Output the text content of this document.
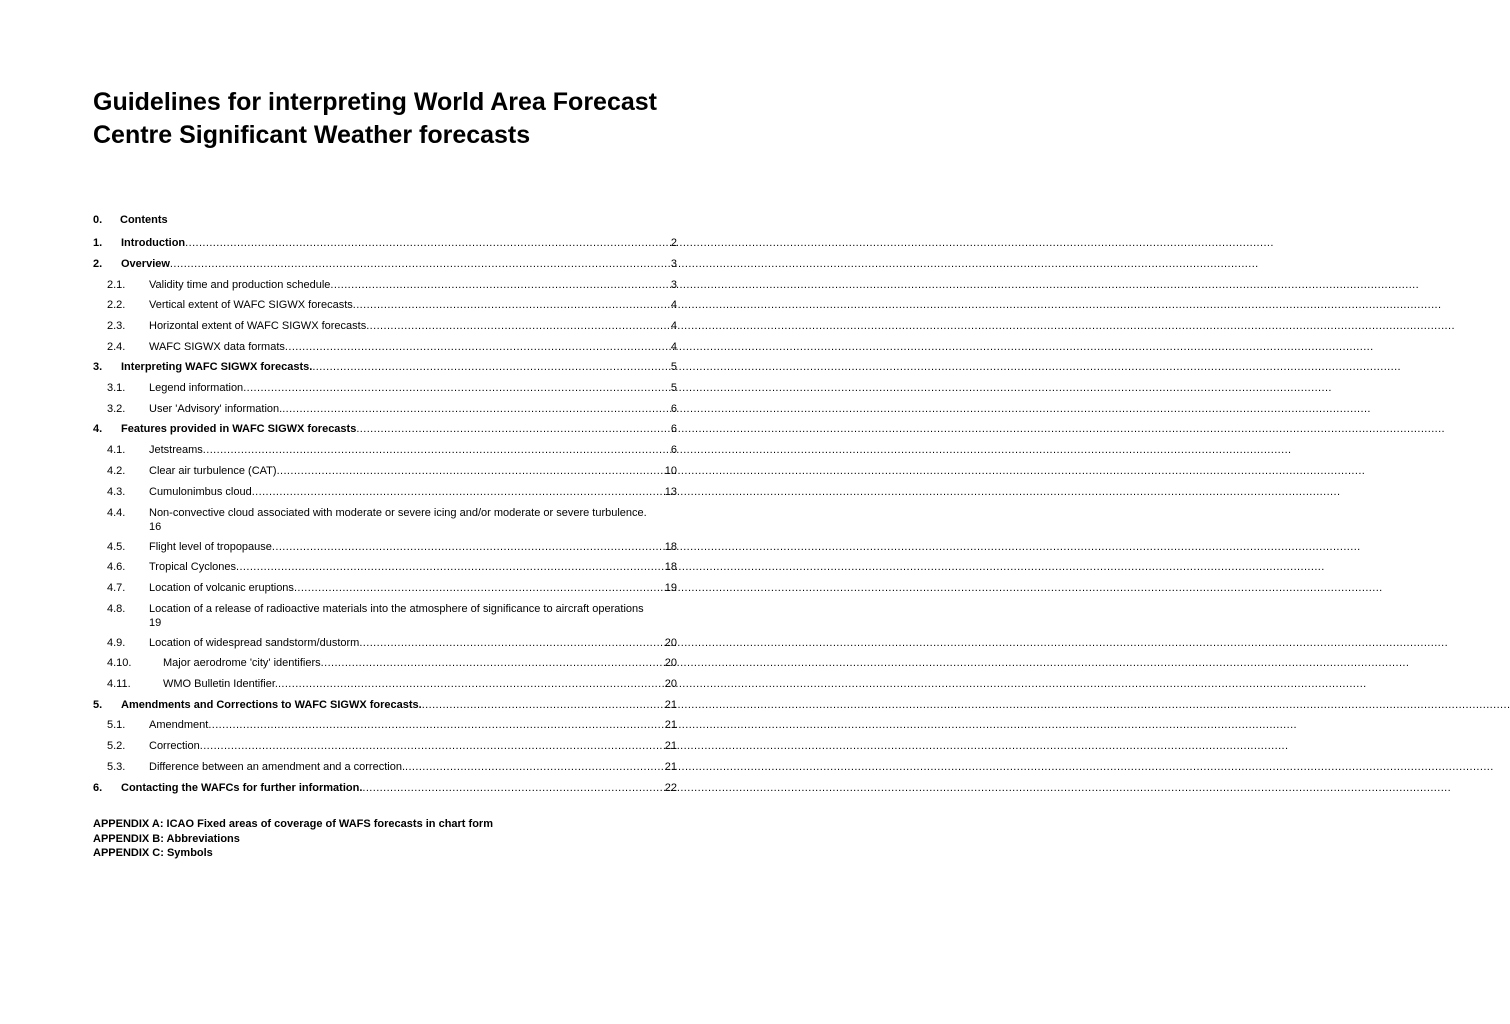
Guidelines for interpreting World Area Forecast Centre Significant Weather forecasts
0. Contents
1.	Introduction .....	2
2.	Overview .....	3
2.1.	Validity time and production schedule .....	3
2.2.	Vertical extent of WAFC SIGWX forecasts .....	4
2.3.	Horizontal extent of WAFC SIGWX forecasts .....	4
2.4.	WAFC SIGWX data formats .....	4
3.	Interpreting WAFC SIGWX forecasts. .....	5
3.1.	Legend information .....	5
3.2.	User 'Advisory' information. .....	6
4.	Features provided in WAFC SIGWX forecasts .....	6
4.1.	Jetstreams .....	6
4.2.	Clear air turbulence (CAT) .....	10
4.3.	Cumulonimbus cloud .....	13
4.4.	Non-convective cloud associated with moderate or severe icing and/or moderate or severe turbulence.
16
4.5.	Flight level of tropopause .....	18
4.6.	Tropical Cyclones .....	18
4.7.	Location of volcanic eruptions .....	19
4.8.	Location of a release of radioactive materials into the atmosphere of significance to aircraft operations
19
4.9.	Location of widespread sandstorm/dustorm .....	20
4.10.	Major aerodrome 'city' identifiers .....	20
4.11.	WMO Bulletin Identifier. .....	20
5.	Amendments and Corrections to WAFC SIGWX forecasts. .....	21
5.1.	Amendment .....	21
5.2.	Correction .....	21
5.3.	Difference between an amendment and a correction. .....	21
6.	Contacting the WAFCs for further information. .....	22
APPENDIX A: ICAO Fixed areas of coverage of WAFS forecasts in chart form
APPENDIX B: Abbreviations
APPENDIX C: Symbols
